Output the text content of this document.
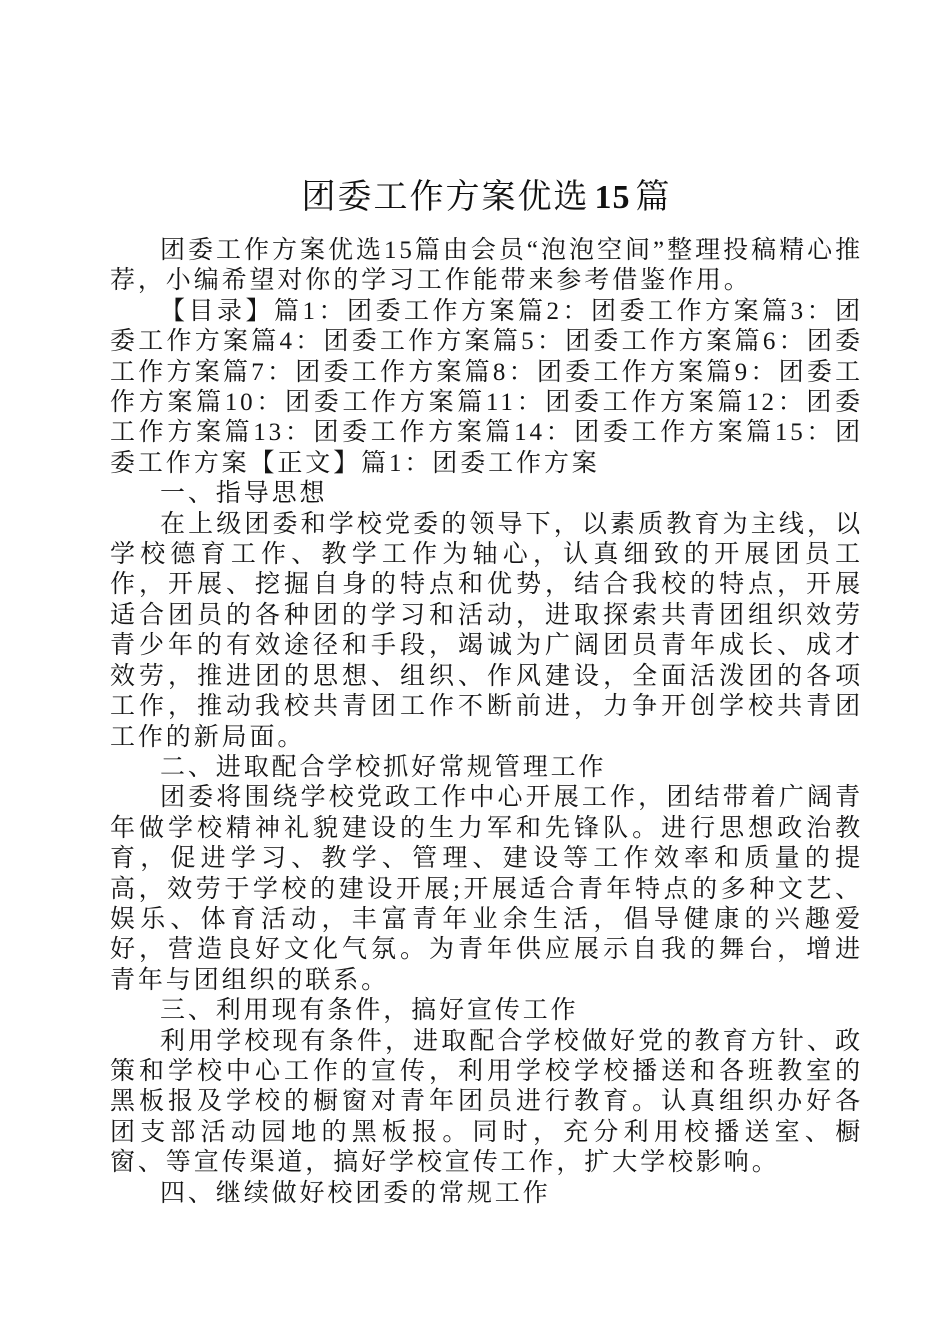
团委工作方案优选 15 篇

团委工作方案优选15篇由会员“泡泡空间”整理投稿精心推荐，小编希望对你的学习工作能带来参考借鉴作用。

【目录】篇1：团委工作方案篇2：团委工作方案篇3：团委工作方案篇4：团委工作方案篇5：团委工作方案篇6：团委工作方案篇7：团委工作方案篇8：团委工作方案篇9：团委工作方案篇10：团委工作方案篇11：团委工作方案篇12：团委工作方案篇13：团委工作方案篇14：团委工作方案篇15：团委工作方案【正文】篇1：团委工作方案

一、指导思想

在上级团委和学校党委的领导下，以素质教育为主线，以学校德育工作、教学工作为轴心，认真细致的开展团员工作，开展、挖掘自身的特点和优势，结合我校的特点，开展适合团员的各种团的学习和活动，进取探索共青团组织效劳青少年的有效途径和手段，竭诚为广阔团员青年成长、成才效劳，推进团的思想、组织、作风建设，全面活泼团的各项工作，推动我校共青团工作不断前进，力争开创学校共青团工作的新局面。

二、进取配合学校抓好常规管理工作

团委将围绕学校党政工作中心开展工作，团结带着广阔青年做学校精神礼貌建设的生力军和先锋队。进行思想政治教育，促进学习、教学、管理、建设等工作效率和质量的提高，效劳于学校的建设开展;开展适合青年特点的多种文艺、娱乐、体育活动，丰富青年业余生活，倡导健康的兴趣爱好，营造良好文化气氛。为青年供应展示自我的舞台，增进青年与团组织的联系。

三、利用现有条件，搞好宣传工作

利用学校现有条件，进取配合学校做好党的教育方针、政策和学校中心工作的宣传，利用学校学校播送和各班教室的黑板报及学校的橱窗对青年团员进行教育。认真组织办好各团支部活动园地的黑板报。同时，充分利用校播送室、橱窗、等宣传渠道，搞好学校宣传工作，扩大学校影响。

四、继续做好校团委的常规工作
